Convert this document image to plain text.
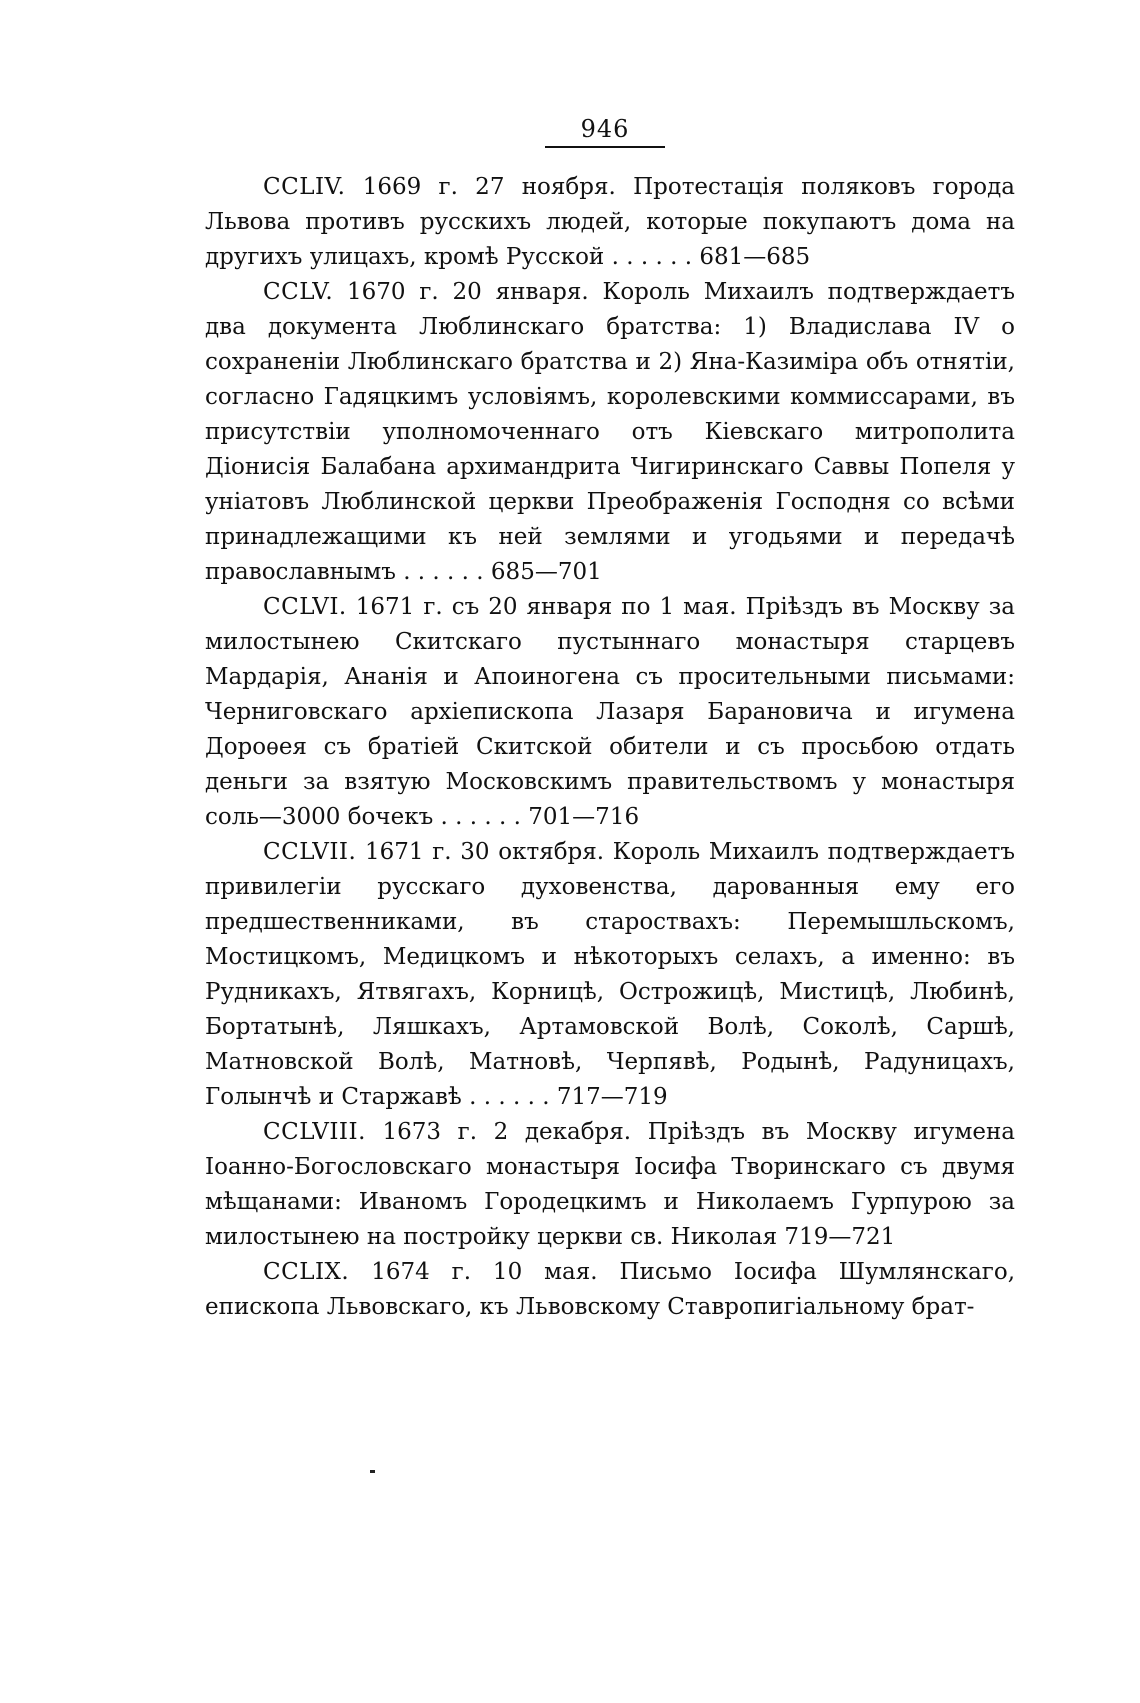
946

CCLIV. 1669 г. 27 ноября. Протестація поляковъ города Львова противъ русскихъ людей, которые покупаютъ дома на другихъ улицахъ, кромѣ Русской . . . . . . 681—685

CCLV. 1670 г. 20 января. Король Михаилъ подтверждаетъ два документа Люблинскаго братства: 1) Владислава IV о сохраненіи Люблинскаго братства и 2) Яна-Казиміра объ отнятіи, согласно Гадяцкимъ условіямъ, королевскими коммиссарами, въ присутствіи уполномоченнаго отъ Кіевскаго митрополита Діонисія Балабана архимандрита Чигиринскаго Саввы Попеля у уніатовъ Люблинской церкви Преображенія Господня со всѣми принадлежащими къ ней землями и угодьями и передачѣ православнымъ . . . . . . 685—701

CCLVI. 1671 г. съ 20 января по 1 мая. Пріѣздъ въ Москву за милостынею Скитскаго пустыннаго монастыря старцевъ Мардарія, Ананія и Апоиногена съ просительными письмами: Черниговскаго архіепископа Лазаря Барановича и игумена Дороѳея съ братіей Скитской обители и съ просьбою отдать деньги за взятую Московскимъ правительствомъ у монастыря соль—3000 бочекъ . . . . . . 701—716

CCLVII. 1671 г. 30 октября. Король Михаилъ подтверждаетъ привилегіи русскаго духовенства, дарованныя ему его предшественниками, въ староствахъ: Перемышльскомъ, Мостицкомъ, Медицкомъ и нѣкоторыхъ селахъ, а именно: въ Рудникахъ, Ятвягахъ, Корницѣ, Острожицѣ, Мистицѣ, Любинѣ, Бортатынѣ, Ляшкахъ, Артамовской Волѣ, Соколѣ, Саршѣ, Матновской Волѣ, Матновѣ, Черпявѣ, Родынѣ, Радуницахъ, Голынчѣ и Старжавѣ . . . . . . 717—719

CCLVIII. 1673 г. 2 декабря. Пріѣздъ въ Москву игумена Іоанно-Богословскаго монастыря Іосифа Творинскаго съ двумя мѣщанами: Иваномъ Городецкимъ и Николаемъ Гурпурою за милостынею на постройку церкви св. Николая 719—721

CCLIX. 1674 г. 10 мая. Письмо Іосифа Шумлянскаго, епископа Львовскаго, къ Львовскому Ставропигіальному брат-
